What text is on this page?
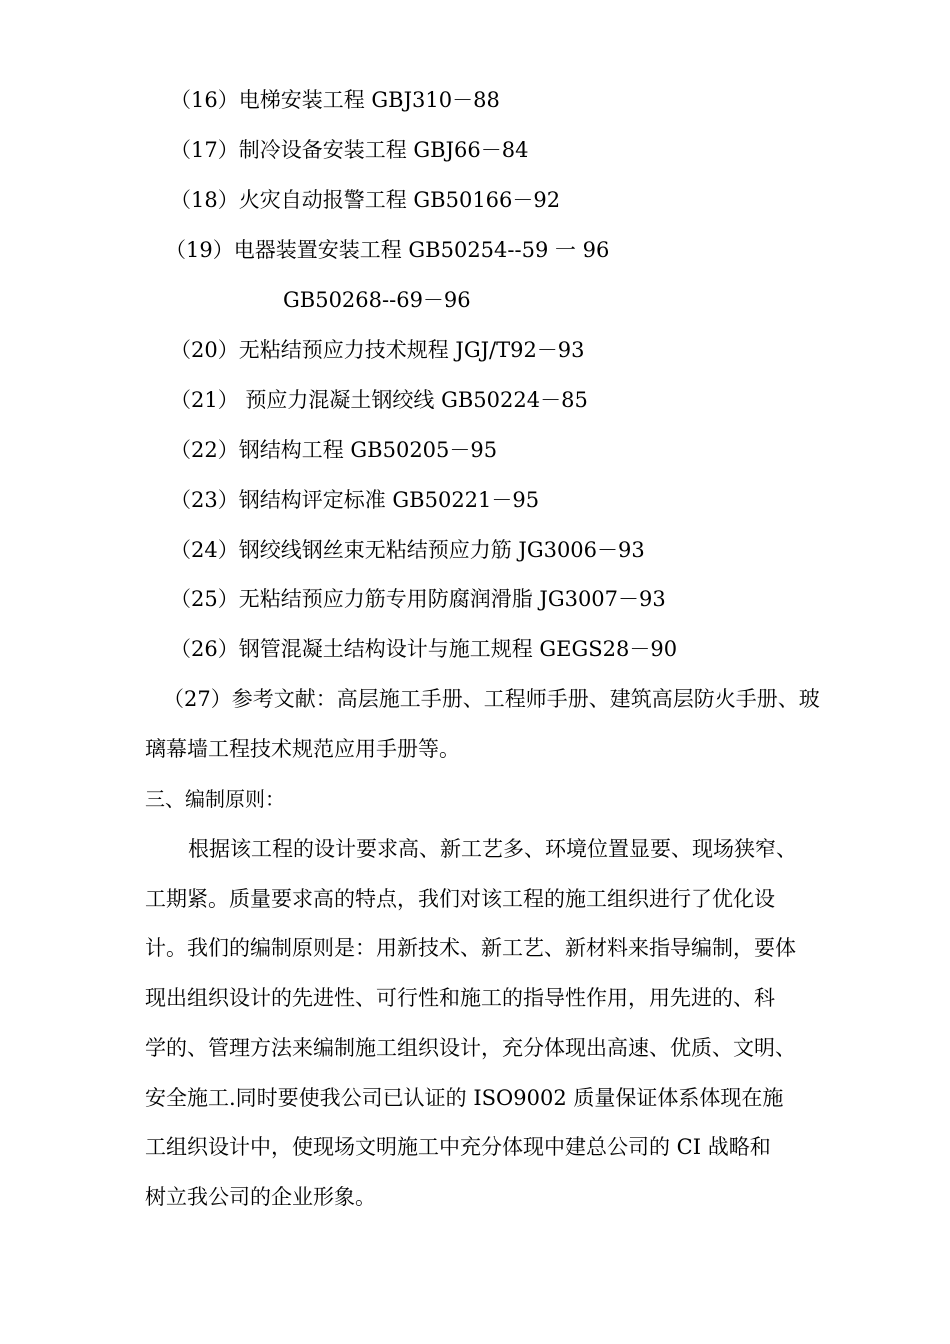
（16）电梯安装工程 GBJ310－88
（17）制冷设备安装工程 GBJ66－84
（18）火灾自动报警工程 GB50166－92
（19）电器装置安装工程 GB50254--59 一 96
GB50268--69－96
（20）无粘结预应力技术规程 JGJ/T92－93
（21） 预应力混凝土钢绞线 GB50224－85
（22）钢结构工程 GB50205－95
（23）钢结构评定标准 GB50221－95
（24）钢绞线钢丝束无粘结预应力筋 JG3006－93
（25）无粘结预应力筋专用防腐润滑脂 JG3007－93
（26）钢管混凝土结构设计与施工规程 GEGS28－90
（27）参考文献：高层施工手册、工程师手册、建筑高层防火手册、玻
璃幕墙工程技术规范应用手册等。
三、编制原则：
根据该工程的设计要求高、新工艺多、环境位置显要、现场狭窄、
工期紧。质量要求高的特点，我们对该工程的施工组织进行了优化设
计。我们的编制原则是：用新技术、新工艺、新材料来指导编制，要体
现出组织设计的先进性、可行性和施工的指导性作用，用先进的、科
学的、管理方法来编制施工组织设计，充分体现出高速、优质、文明、
安全施工.同时要使我公司已认证的 ISO9002 质量保证体系体现在施
工组织设计中，使现场文明施工中充分体现中建总公司的 CI 战略和
树立我公司的企业形象。
